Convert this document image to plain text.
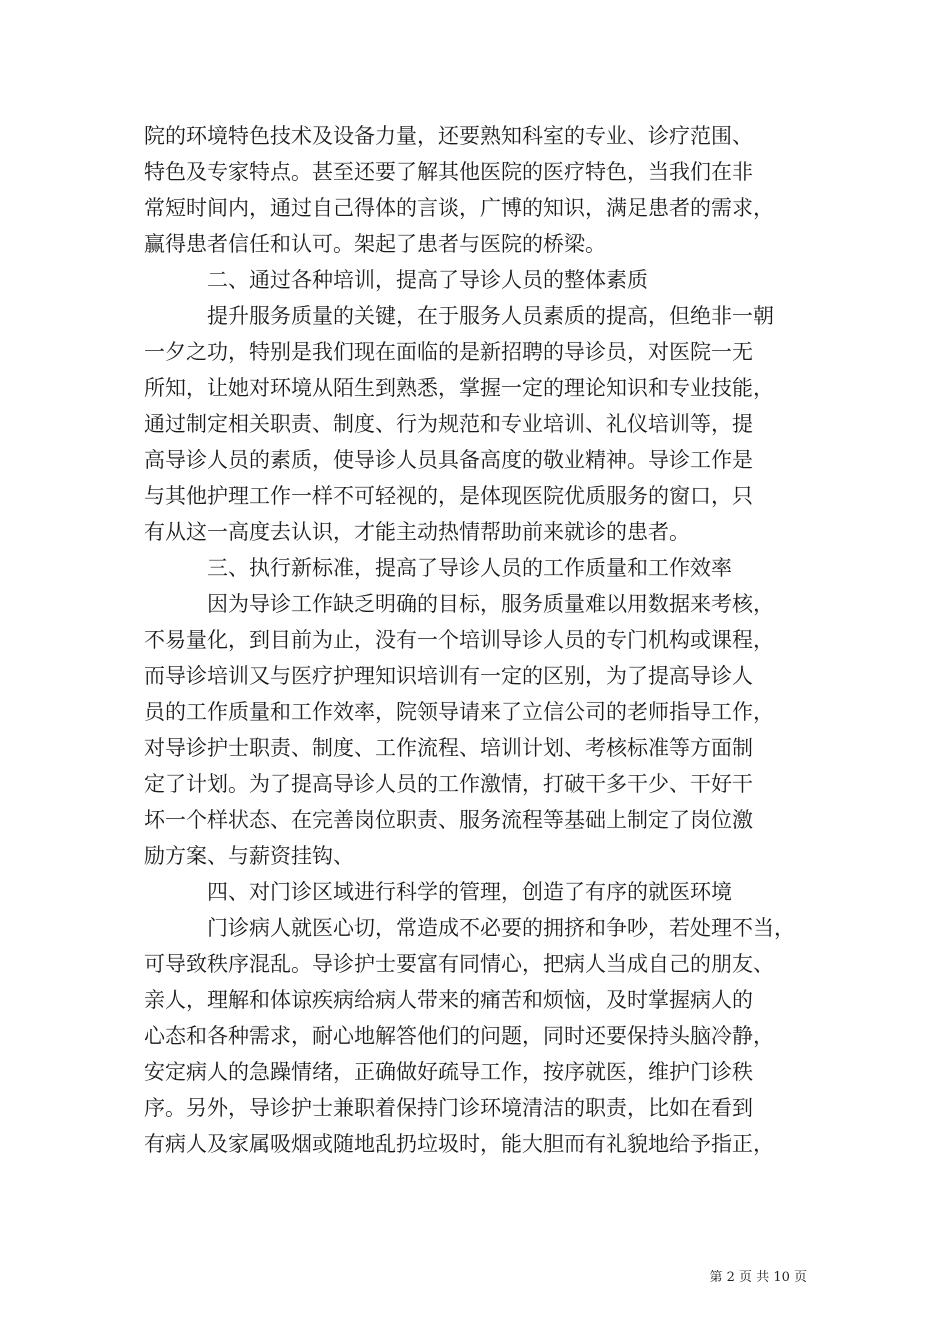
院的环境特色技术及设备力量，还要熟知科室的专业、诊疗范围、
特色及专家特点。甚至还要了解其他医院的医疗特色，当我们在非
常短时间内，通过自己得体的言谈，广博的知识，满足患者的需求，
赢得患者信任和认可。架起了患者与医院的桥梁。
二、通过各种培训，提高了导诊人员的整体素质
提升服务质量的关键，在于服务人员素质的提高，但绝非一朝
一夕之功，特别是我们现在面临的是新招聘的导诊员，对医院一无
所知，让她对环境从陌生到熟悉，掌握一定的理论知识和专业技能，
通过制定相关职责、制度、行为规范和专业培训、礼仪培训等，提
高导诊人员的素质，使导诊人员具备高度的敬业精神。导诊工作是
与其他护理工作一样不可轻视的，是体现医院优质服务的窗口，只
有从这一高度去认识，才能主动热情帮助前来就诊的患者。
三、执行新标准，提高了导诊人员的工作质量和工作效率
因为导诊工作缺乏明确的目标，服务质量难以用数据来考核，
不易量化，到目前为止，没有一个培训导诊人员的专门机构或课程，
而导诊培训又与医疗护理知识培训有一定的区别，为了提高导诊人
员的工作质量和工作效率，院领导请来了立信公司的老师指导工作，
对导诊护士职责、制度、工作流程、培训计划、考核标准等方面制
定了计划。为了提高导诊人员的工作激情，打破干多干少、干好干
坏一个样状态、在完善岗位职责、服务流程等基础上制定了岗位激
励方案、与薪资挂钩、
四、对门诊区域进行科学的管理，创造了有序的就医环境
门诊病人就医心切，常造成不必要的拥挤和争吵，若处理不当，
可导致秩序混乱。导诊护士要富有同情心，把病人当成自己的朋友、
亲人，理解和体谅疾病给病人带来的痛苦和烦恼，及时掌握病人的
心态和各种需求，耐心地解答他们的问题，同时还要保持头脑冷静，
安定病人的急躁情绪，正确做好疏导工作，按序就医，维护门诊秩
序。另外，导诊护士兼职着保持门诊环境清洁的职责，比如在看到
有病人及家属吸烟或随地乱扔垃圾时，能大胆而有礼貌地给予指正，
第 2 页 共 10 页
